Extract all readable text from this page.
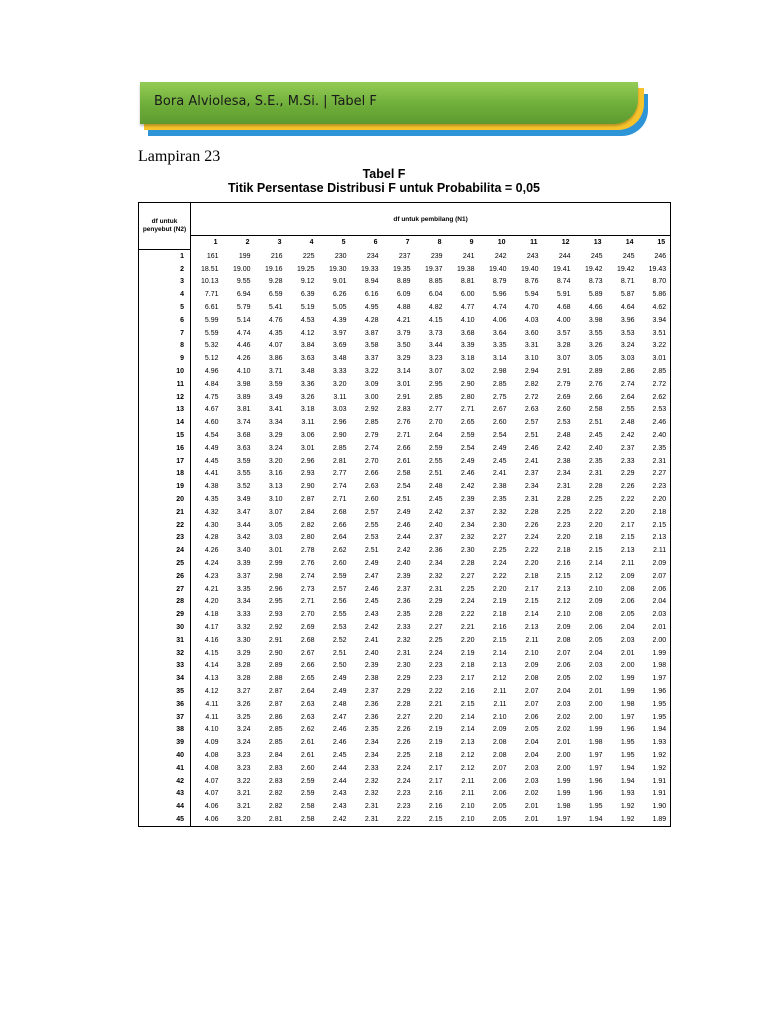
Bora Alviolesa, S.E., M.Si. | Tabel F
Lampiran 23
Tabel F
Titik Persentase Distribusi F untuk Probabilita = 0,05
df untuk penyebut (N2)	df untuk pembilang (N1)														
	1	2	3	4	5	6	7	8	9	10	11	12	13	14	15
1	161	199	216	225	230	234	237	239	241	242	243	244	245	245	246
2	18.51	19.00	19.16	19.25	19.30	19.33	19.35	19.37	19.38	19.40	19.40	19.41	19.42	19.42	19.43
3	10.13	9.55	9.28	9.12	9.01	8.94	8.89	8.85	8.81	8.79	8.76	8.74	8.73	8.71	8.70
4	7.71	6.94	6.59	6.39	6.26	6.16	6.09	6.04	6.00	5.96	5.94	5.91	5.89	5.87	5.86
5	6.61	5.79	5.41	5.19	5.05	4.95	4.88	4.82	4.77	4.74	4.70	4.68	4.66	4.64	4.62
6	5.99	5.14	4.76	4.53	4.39	4.28	4.21	4.15	4.10	4.06	4.03	4.00	3.98	3.96	3.94
7	5.59	4.74	4.35	4.12	3.97	3.87	3.79	3.73	3.68	3.64	3.60	3.57	3.55	3.53	3.51
8	5.32	4.46	4.07	3.84	3.69	3.58	3.50	3.44	3.39	3.35	3.31	3.28	3.26	3.24	3.22
9	5.12	4.26	3.86	3.63	3.48	3.37	3.29	3.23	3.18	3.14	3.10	3.07	3.05	3.03	3.01
10	4.96	4.10	3.71	3.48	3.33	3.22	3.14	3.07	3.02	2.98	2.94	2.91	2.89	2.86	2.85
11	4.84	3.98	3.59	3.36	3.20	3.09	3.01	2.95	2.90	2.85	2.82	2.79	2.76	2.74	2.72
12	4.75	3.89	3.49	3.26	3.11	3.00	2.91	2.85	2.80	2.75	2.72	2.69	2.66	2.64	2.62
13	4.67	3.81	3.41	3.18	3.03	2.92	2.83	2.77	2.71	2.67	2.63	2.60	2.58	2.55	2.53
14	4.60	3.74	3.34	3.11	2.96	2.85	2.76	2.70	2.65	2.60	2.57	2.53	2.51	2.48	2.46
15	4.54	3.68	3.29	3.06	2.90	2.79	2.71	2.64	2.59	2.54	2.51	2.48	2.45	2.42	2.40
16	4.49	3.63	3.24	3.01	2.85	2.74	2.66	2.59	2.54	2.49	2.46	2.42	2.40	2.37	2.35
17	4.45	3.59	3.20	2.96	2.81	2.70	2.61	2.55	2.49	2.45	2.41	2.38	2.35	2.33	2.31
18	4.41	3.55	3.16	2.93	2.77	2.66	2.58	2.51	2.46	2.41	2.37	2.34	2.31	2.29	2.27
19	4.38	3.52	3.13	2.90	2.74	2.63	2.54	2.48	2.42	2.38	2.34	2.31	2.28	2.26	2.23
20	4.35	3.49	3.10	2.87	2.71	2.60	2.51	2.45	2.39	2.35	2.31	2.28	2.25	2.22	2.20
21	4.32	3.47	3.07	2.84	2.68	2.57	2.49	2.42	2.37	2.32	2.28	2.25	2.22	2.20	2.18
22	4.30	3.44	3.05	2.82	2.66	2.55	2.46	2.40	2.34	2.30	2.26	2.23	2.20	2.17	2.15
23	4.28	3.42	3.03	2.80	2.64	2.53	2.44	2.37	2.32	2.27	2.24	2.20	2.18	2.15	2.13
24	4.26	3.40	3.01	2.78	2.62	2.51	2.42	2.36	2.30	2.25	2.22	2.18	2.15	2.13	2.11
25	4.24	3.39	2.99	2.76	2.60	2.49	2.40	2.34	2.28	2.24	2.20	2.16	2.14	2.11	2.09
26	4.23	3.37	2.98	2.74	2.59	2.47	2.39	2.32	2.27	2.22	2.18	2.15	2.12	2.09	2.07
27	4.21	3.35	2.96	2.73	2.57	2.46	2.37	2.31	2.25	2.20	2.17	2.13	2.10	2.08	2.06
28	4.20	3.34	2.95	2.71	2.56	2.45	2.36	2.29	2.24	2.19	2.15	2.12	2.09	2.06	2.04
29	4.18	3.33	2.93	2.70	2.55	2.43	2.35	2.28	2.22	2.18	2.14	2.10	2.08	2.05	2.03
30	4.17	3.32	2.92	2.69	2.53	2.42	2.33	2.27	2.21	2.16	2.13	2.09	2.06	2.04	2.01
31	4.16	3.30	2.91	2.68	2.52	2.41	2.32	2.25	2.20	2.15	2.11	2.08	2.05	2.03	2.00
32	4.15	3.29	2.90	2.67	2.51	2.40	2.31	2.24	2.19	2.14	2.10	2.07	2.04	2.01	1.99
33	4.14	3.28	2.89	2.66	2.50	2.39	2.30	2.23	2.18	2.13	2.09	2.06	2.03	2.00	1.98
34	4.13	3.28	2.88	2.65	2.49	2.38	2.29	2.23	2.17	2.12	2.08	2.05	2.02	1.99	1.97
35	4.12	3.27	2.87	2.64	2.49	2.37	2.29	2.22	2.16	2.11	2.07	2.04	2.01	1.99	1.96
36	4.11	3.26	2.87	2.63	2.48	2.36	2.28	2.21	2.15	2.11	2.07	2.03	2.00	1.98	1.95
37	4.11	3.25	2.86	2.63	2.47	2.36	2.27	2.20	2.14	2.10	2.06	2.02	2.00	1.97	1.95
38	4.10	3.24	2.85	2.62	2.46	2.35	2.26	2.19	2.14	2.09	2.05	2.02	1.99	1.96	1.94
39	4.09	3.24	2.85	2.61	2.46	2.34	2.26	2.19	2.13	2.08	2.04	2.01	1.98	1.95	1.93
40	4.08	3.23	2.84	2.61	2.45	2.34	2.25	2.18	2.12	2.08	2.04	2.00	1.97	1.95	1.92
41	4.08	3.23	2.83	2.60	2.44	2.33	2.24	2.17	2.12	2.07	2.03	2.00	1.97	1.94	1.92
42	4.07	3.22	2.83	2.59	2.44	2.32	2.24	2.17	2.11	2.06	2.03	1.99	1.96	1.94	1.91
43	4.07	3.21	2.82	2.59	2.43	2.32	2.23	2.16	2.11	2.06	2.02	1.99	1.96	1.93	1.91
44	4.06	3.21	2.82	2.58	2.43	2.31	2.23	2.16	2.10	2.05	2.01	1.98	1.95	1.92	1.90
45	4.06	3.20	2.81	2.58	2.42	2.31	2.22	2.15	2.10	2.05	2.01	1.97	1.94	1.92	1.89
